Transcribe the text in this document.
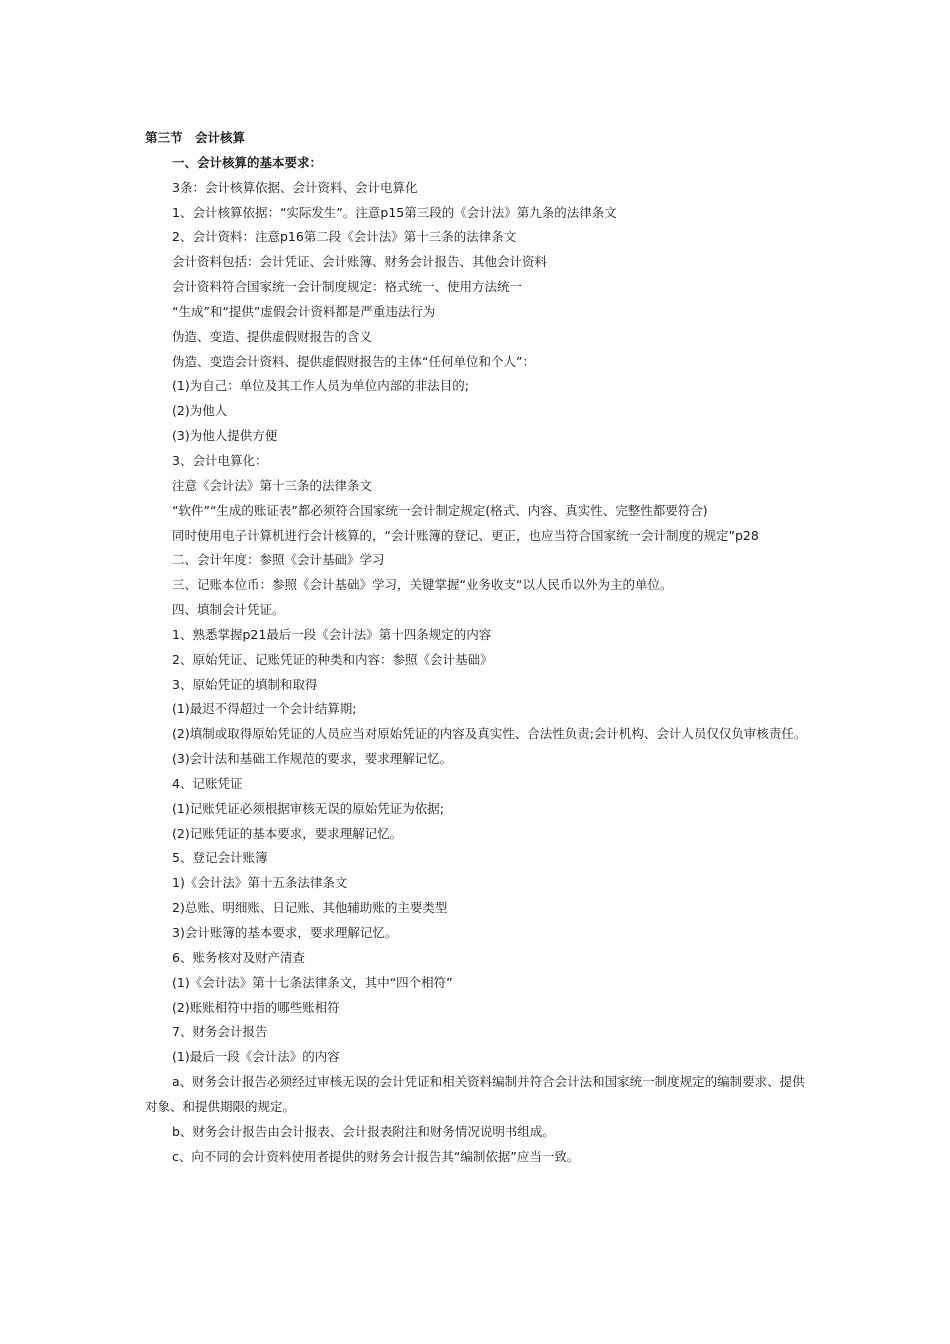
第三节　会计核算

一、会计核算的基本要求：

3条：会计核算依据、会计资料、会计电算化

1、会计核算依据：“实际发生”。注意p15第三段的《会计法》第九条的法律条文

2、会计资料：注意p16第二段《会计法》第十三条的法律条文

会计资料包括：会计凭证、会计账簿、财务会计报告、其他会计资料

会计资料符合国家统一会计制度规定：格式统一、使用方法统一

“生成”和“提供”虚假会计资料都是严重违法行为

伪造、变造、提供虚假财报告的含义

伪造、变造会计资料、提供虚假财报告的主体“任何单位和个人”：

(1)为自己：单位及其工作人员为单位内部的非法目的;

(2)为他人

(3)为他人提供方便

3、会计电算化：

注意《会计法》第十三条的法律条文

“软件”“生成的账证表”都必须符合国家统一会计制定规定(格式、内容、真实性、完整性都要符合)

同时使用电子计算机进行会计核算的，“会计账簿的登记、更正，也应当符合国家统一会计制度的规定”p28

二、会计年度：参照《会计基础》学习

三、记账本位币：参照《会计基础》学习，关键掌握“业务收支“以人民币以外为主的单位。

四、填制会计凭证。

1、熟悉掌握p21最后一段《会计法》第十四条规定的内容

2、原始凭证、记账凭证的种类和内容：参照《会计基础》

3、原始凭证的填制和取得

(1)最迟不得超过一个会计结算期;

(2)填制或取得原始凭证的人员应当对原始凭证的内容及真实性、合法性负责;会计机构、会计人员仅仅负审核责任。

(3)会计法和基础工作规范的要求，要求理解记忆。

4、记账凭证

(1)记账凭证必须根据审核无误的原始凭证为依据;

(2)记账凭证的基本要求，要求理解记忆。

5、登记会计账簿

1)《会计法》第十五条法律条文

2)总账、明细账、日记账、其他辅助账的主要类型

3)会计账簿的基本要求，要求理解记忆。

6、账务核对及财产清查

(1)《会计法》第十七条法律条文，其中“四个相符”

(2)账账相符中指的哪些账相符

7、财务会计报告

(1)最后一段《会计法》的内容

a、财务会计报告必须经过审核无误的会计凭证和相关资料编制并符合会计法和国家统一制度规定的编制要求、提供对象、和提供期限的规定。

b、财务会计报告由会计报表、会计报表附注和财务情况说明书组成。

c、向不同的会计资料使用者提供的财务会计报告其“编制依据”应当一致。
